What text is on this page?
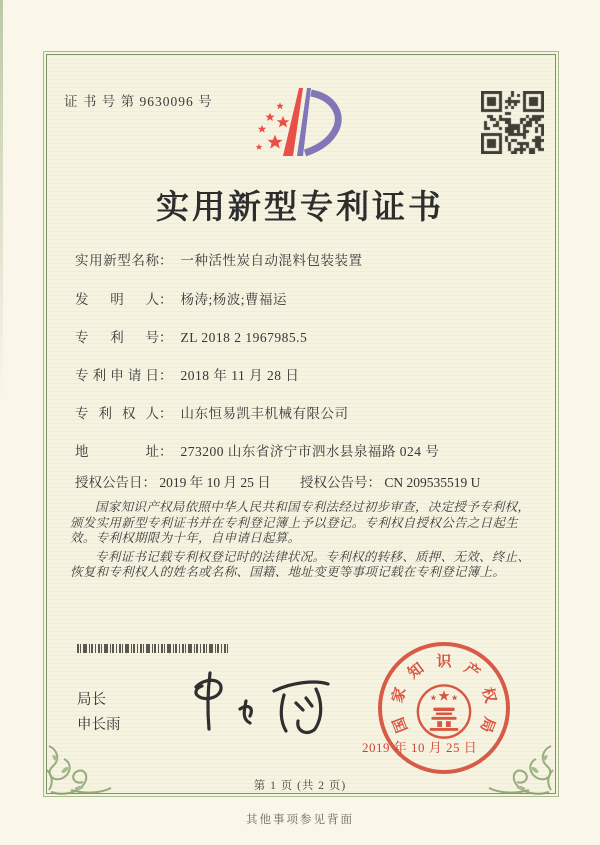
证 书 号 第 9630096 号
实用新型专利证书
实用新型名称 ： 一种活性炭自动混料包装装置
发明人 ： 杨涛;杨波;曹福运
专利号 ： ZL 2018 2 1967985.5
专利申请日 ： 2018 年 11 月 28 日
专利权人 ： 山东恒易凯丰机械有限公司
地址 ： 273200 山东省济宁市泗水县泉福路 024 号
授权公告日： 2019 年 10 月 25 日 授权公告号： CN 209535519 U

国家知识产权局依照中华人民共和国专利法经过初步审查，决定授予专利权，颁发实用新型专利证书并在专利登记簿上予以登记。专利权自授权公告之日起生效。专利权期限为十年，自申请日起算。

专利证书记载专利权登记时的法律状况。专利权的转移、质押、无效、终止、恢复和专利权人的姓名或名称、国籍、地址变更等事项记载在专利登记簿上。

局长
申长雨	国
家
知 识 产
权
局
2019 年 10 月 25 日
第 1 页 (共 2 页)
其他事项参见背面
